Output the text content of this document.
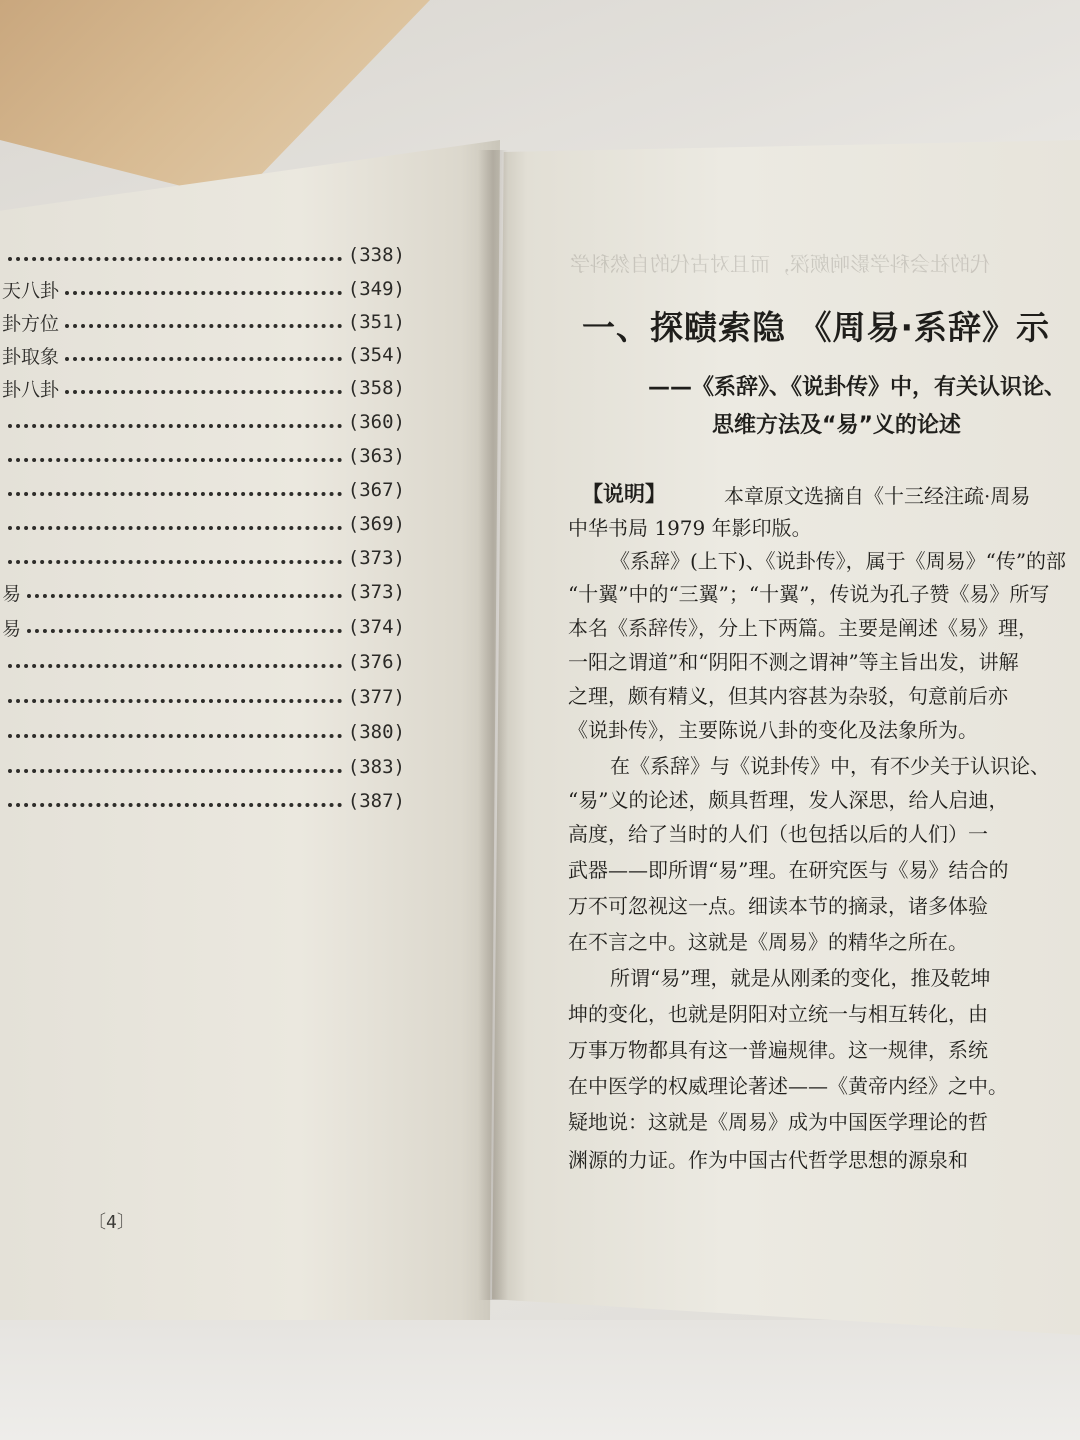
(338)
天八卦	(349)
卦方位	(351)
卦取象	(354)
卦八卦	(358)
(360)
(363)
(367)
(369)
(373)
易	(373)
易	(374)
(376)
(377)
(380)
(383)
(387)
〔4〕
代的社会科学影响颇深，而且对古代的自然科学
一、探赜索隐 《周易·系辞》示
——《系辞》、《说卦传》中，有关认识论、
思维方法及“易”义的论述
【说明】	本章原文选摘自《十三经注疏·周易
中华书局 1979 年影印版。
《系辞》(上下)、《说卦传》，属于《周易》“传”的部
“十翼”中的“三翼”；“十翼”，传说为孔子赞《易》所写
本名《系辞传》，分上下两篇。主要是阐述《易》理，
一阳之谓道”和“阴阳不测之谓神”等主旨出发，讲解
之理，颇有精义，但其内容甚为杂驳，句意前后亦
《说卦传》，主要陈说八卦的变化及法象所为。
在《系辞》与《说卦传》中，有不少关于认识论、
“易”义的论述，颇具哲理，发人深思，给人启迪，
高度，给了当时的人们（也包括以后的人们）一
武器——即所谓“易”理。在研究医与《易》结合的
万不可忽视这一点。细读本节的摘录，诸多体验
在不言之中。这就是《周易》的精华之所在。
所谓“易”理，就是从刚柔的变化，推及乾坤
坤的变化，也就是阴阳对立统一与相互转化，由
万事万物都具有这一普遍规律。这一规律，系统
在中医学的权威理论著述——《黄帝内经》之中。
疑地说：这就是《周易》成为中国医学理论的哲
渊源的力证。作为中国古代哲学思想的源泉和
